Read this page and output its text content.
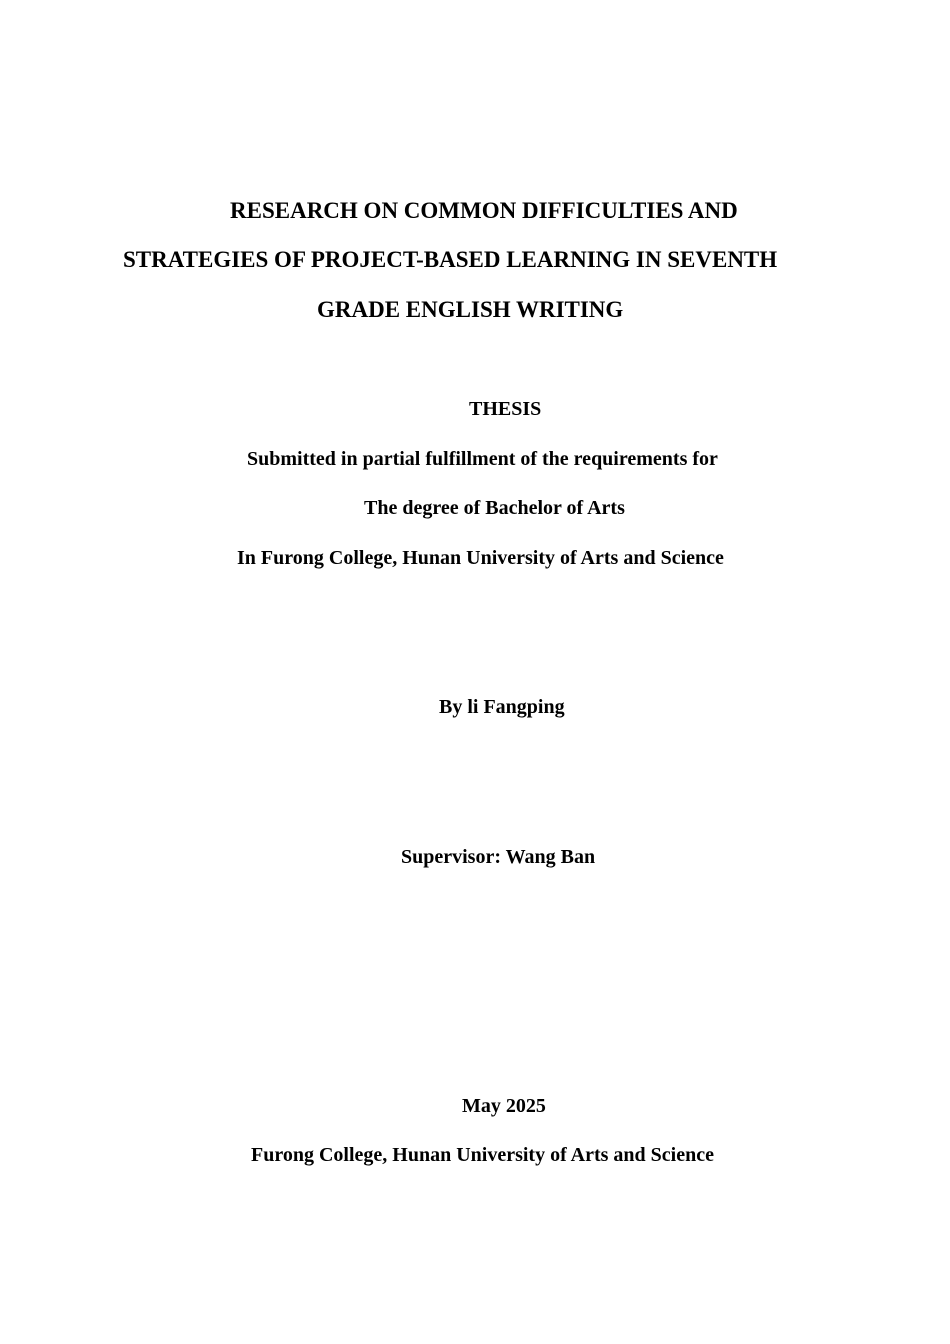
RESEARCH ON COMMON DIFFICULTIES AND
STRATEGIES OF PROJECT-BASED LEARNING IN SEVENTH
GRADE ENGLISH WRITING
THESIS
Submitted in partial fulfillment of the requirements for
The degree of Bachelor of Arts
In Furong College, Hunan University of Arts and Science
By li Fangping
Supervisor: Wang Ban
May 2025
Furong College, Hunan University of Arts and Science
